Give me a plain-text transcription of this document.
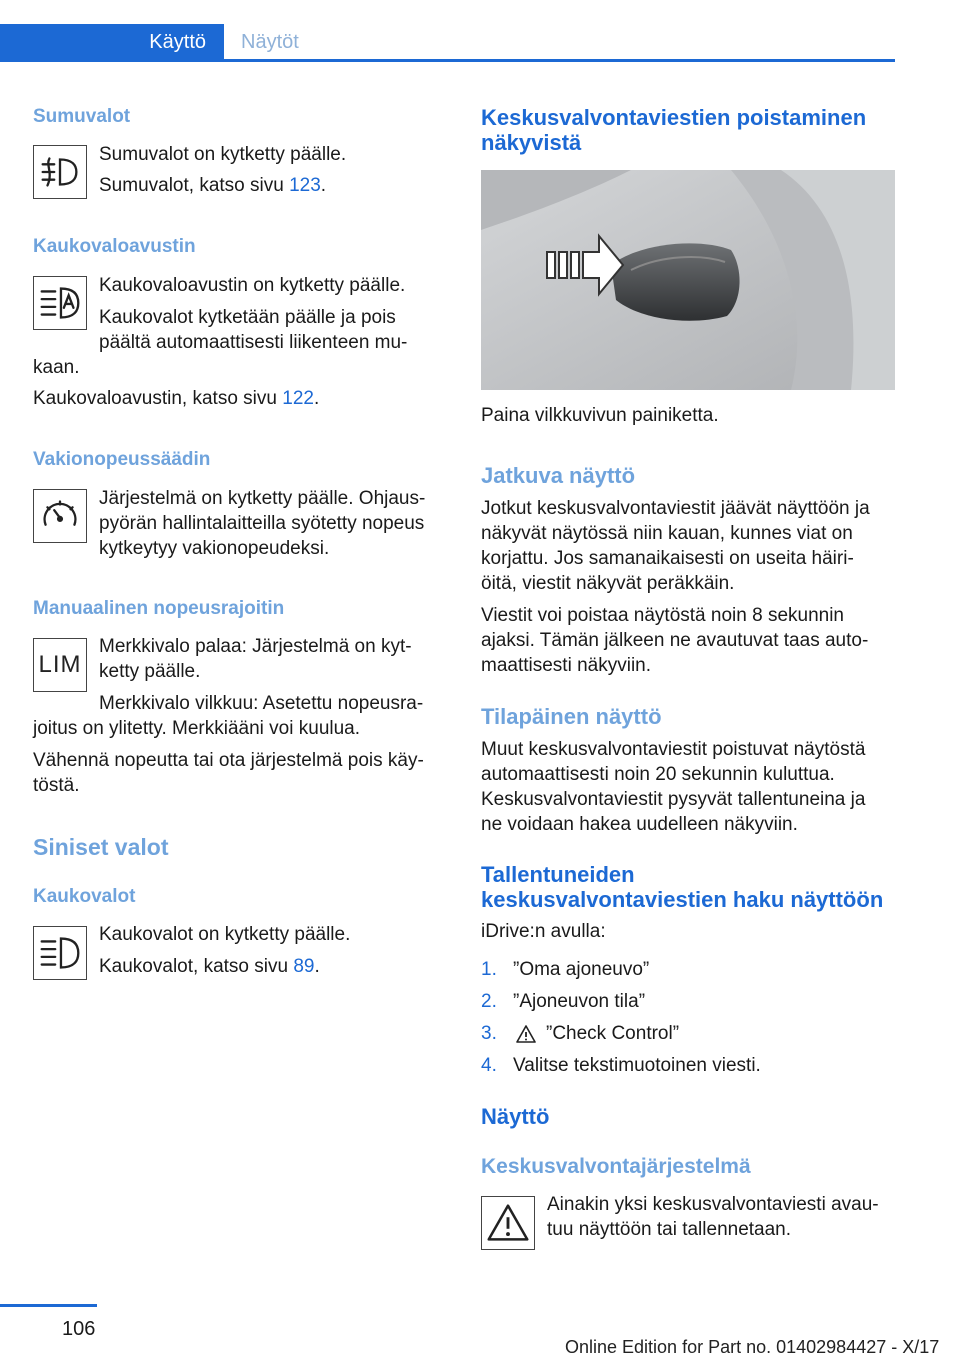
Käyttö	Näytöt
Sumuvalot
Sumuvalot on kytketty päälle.
Sumuvalot, katso sivu 123.
Kaukovaloavustin
Kaukovaloavustin on kytketty päälle.
Kaukovalot kytketään päälle ja pois
päältä automaattisesti liikenteen mu‐
kaan.
Kaukovaloavustin, katso sivu 122.
Vakionopeussäädin
Järjestelmä on kytketty päälle. Ohjaus‐
pyörän hallintalaitteilla syötetty nopeus
kytkeytyy vakionopeudeksi.
Manuaalinen nopeusrajoitin
LIM
Merkkivalo palaa: Järjestelmä on kyt‐
ketty päälle.
Merkkivalo vilkkuu: Asetettu nopeusra‐
joitus on ylitetty. Merkkiääni voi kuulua.
Vähennä nopeutta tai ota järjestelmä pois käy‐
töstä.
Siniset valot
Kaukovalot
Kaukovalot on kytketty päälle.
Kaukovalot, katso sivu 89.
Keskusvalvontaviestien poistaminen
näkyvistä
Paina vilkkuvivun painiketta.
Jatkuva näyttö
Jotkut keskusvalvontaviestit jäävät näyttöön ja
näkyvät näytössä niin kauan, kunnes viat on
korjattu. Jos samanaikaisesti on useita häiri‐
öitä, viestit näkyvät peräkkäin.
Viestit voi poistaa näytöstä noin 8 sekunnin
ajaksi. Tämän jälkeen ne avautuvat taas auto‐
maattisesti näkyviin.
Tilapäinen näyttö
Muut keskusvalvontaviestit poistuvat näytöstä
automaattisesti noin 20 sekunnin kuluttua.
Keskusvalvontaviestit pysyvät tallentuneina ja
ne voidaan hakea uudelleen näkyviin.
Tallentuneiden
keskusvalvontaviestien haku näyttöön
iDrive:n avulla:
1. ”Oma ajoneuvo”
2. ”Ajoneuvon tila”
3.	”Check Control”
4. Valitse tekstimuotoinen viesti.
Näyttö
Keskusvalvontajärjestelmä
Ainakin yksi keskusvalvontaviesti avau‐
tuu näyttöön tai tallennetaan.
106
Online Edition for Part no. 01402984427 - X/17
